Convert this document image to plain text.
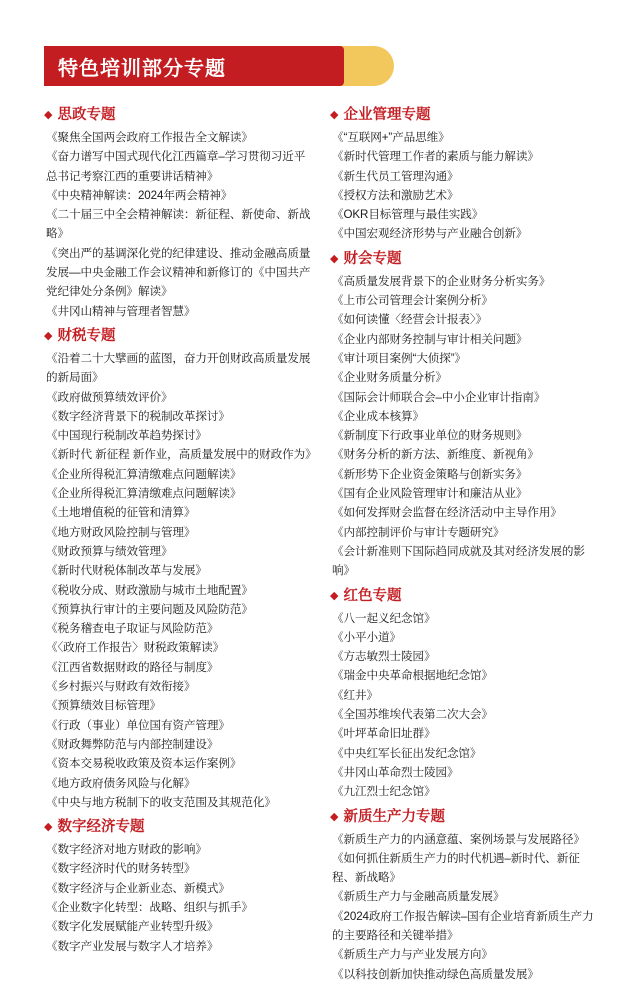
特色培训部分专题
◆ 思政专题
《聚焦全国两会政府工作报告全文解读》
《奋力谱写中国式现代化江西篇章–学习贯彻习近平总书记考察江西的重要讲话精神》
《中央精神解读：2024年两会精神》
《二十届三中全会精神解读：新征程、新使命、新战略》
《突出严的基调深化党的纪律建设、推动金融高质量发展—中央金融工作会议精神和新修订的《中国共产党纪律处分条例》解读》
《井冈山精神与管理者智慧》
◆ 财税专题
《沿着二十大擘画的蓝图，奋力开创财政高质量发展的新局面》
《政府做预算绩效评价》
《数字经济背景下的税制改革探讨》
《中国现行税制改革趋势探讨》
《新时代 新征程 新作业，高质量发展中的财政作为》
《企业所得税汇算清缴难点问题解读》
《企业所得税汇算清缴难点问题解读》
《土地增值税的征管和清算》
《地方财政风险控制与管理》
《财政预算与绩效管理》
《新时代财税体制改革与发展》
《税收分成、财政激励与城市土地配置》
《预算执行审计的主要问题及风险防范》
《税务稽查电子取证与风险防范》
《〈政府工作报告〉财税政策解读》
《江西省数据财政的路径与制度》
《乡村振兴与财政有效衔接》
《预算绩效目标管理》
《行政（事业）单位国有资产管理》
《财政舞弊防范与内部控制建设》
《资本交易税收政策及资本运作案例》
《地方政府债务风险与化解》
《中央与地方税制下的收支范围及其规范化》
◆ 数字经济专题
《数字经济对地方财政的影响》
《数字经济时代的财务转型》
《数字经济与企业新业态、新模式》
《企业数字化转型：战略、组织与抓手》
《数字化发展赋能产业转型升级》
《数字产业发展与数字人才培养》
◆ 企业管理专题
《“互联网+”产品思维》
《新时代管理工作者的素质与能力解读》
《新生代员工管理沟通》
《授权方法和激励艺术》
《OKR目标管理与最佳实践》
《中国宏观经济形势与产业融合创新》
◆ 财会专题
《高质量发展背景下的企业财务分析实务》
《上市公司管理会计案例分析》
《如何读懂〈经营会计报表〉》
《企业内部财务控制与审计相关问题》
《审计项目案例“大侦探”》
《企业财务质量分析》
《国际会计师联合会–中小企业审计指南》
《企业成本核算》
《新制度下行政事业单位的财务规则》
《财务分析的新方法、新维度、新视角》
《新形势下企业资金策略与创新实务》
《国有企业风险管理审计和廉洁从业》
《如何发挥财会监督在经济活动中主导作用》
《内部控制评价与审计专题研究》
《会计新准则下国际趋同成就及其对经济发展的影响》
◆ 红色专题
《八一起义纪念馆》
《小平小道》
《方志敏烈士陵园》
《瑞金中央革命根据地纪念馆》
《红井》
《全国苏维埃代表第二次大会》
《叶坪革命旧址群》
《中央红军长征出发纪念馆》
《井冈山革命烈士陵园》
《九江烈士纪念馆》
◆ 新质生产力专题
《新质生产力的内涵意蕴、案例场景与发展路径》
《如何抓住新质生产力的时代机遇–新时代、新征程、新战略》
《新质生产力与金融高质量发展》
《2024政府工作报告解读–国有企业培育新质生产力的主要路径和关键举措》
《新质生产力与产业发展方向》
《以科技创新加快推动绿色高质量发展》
